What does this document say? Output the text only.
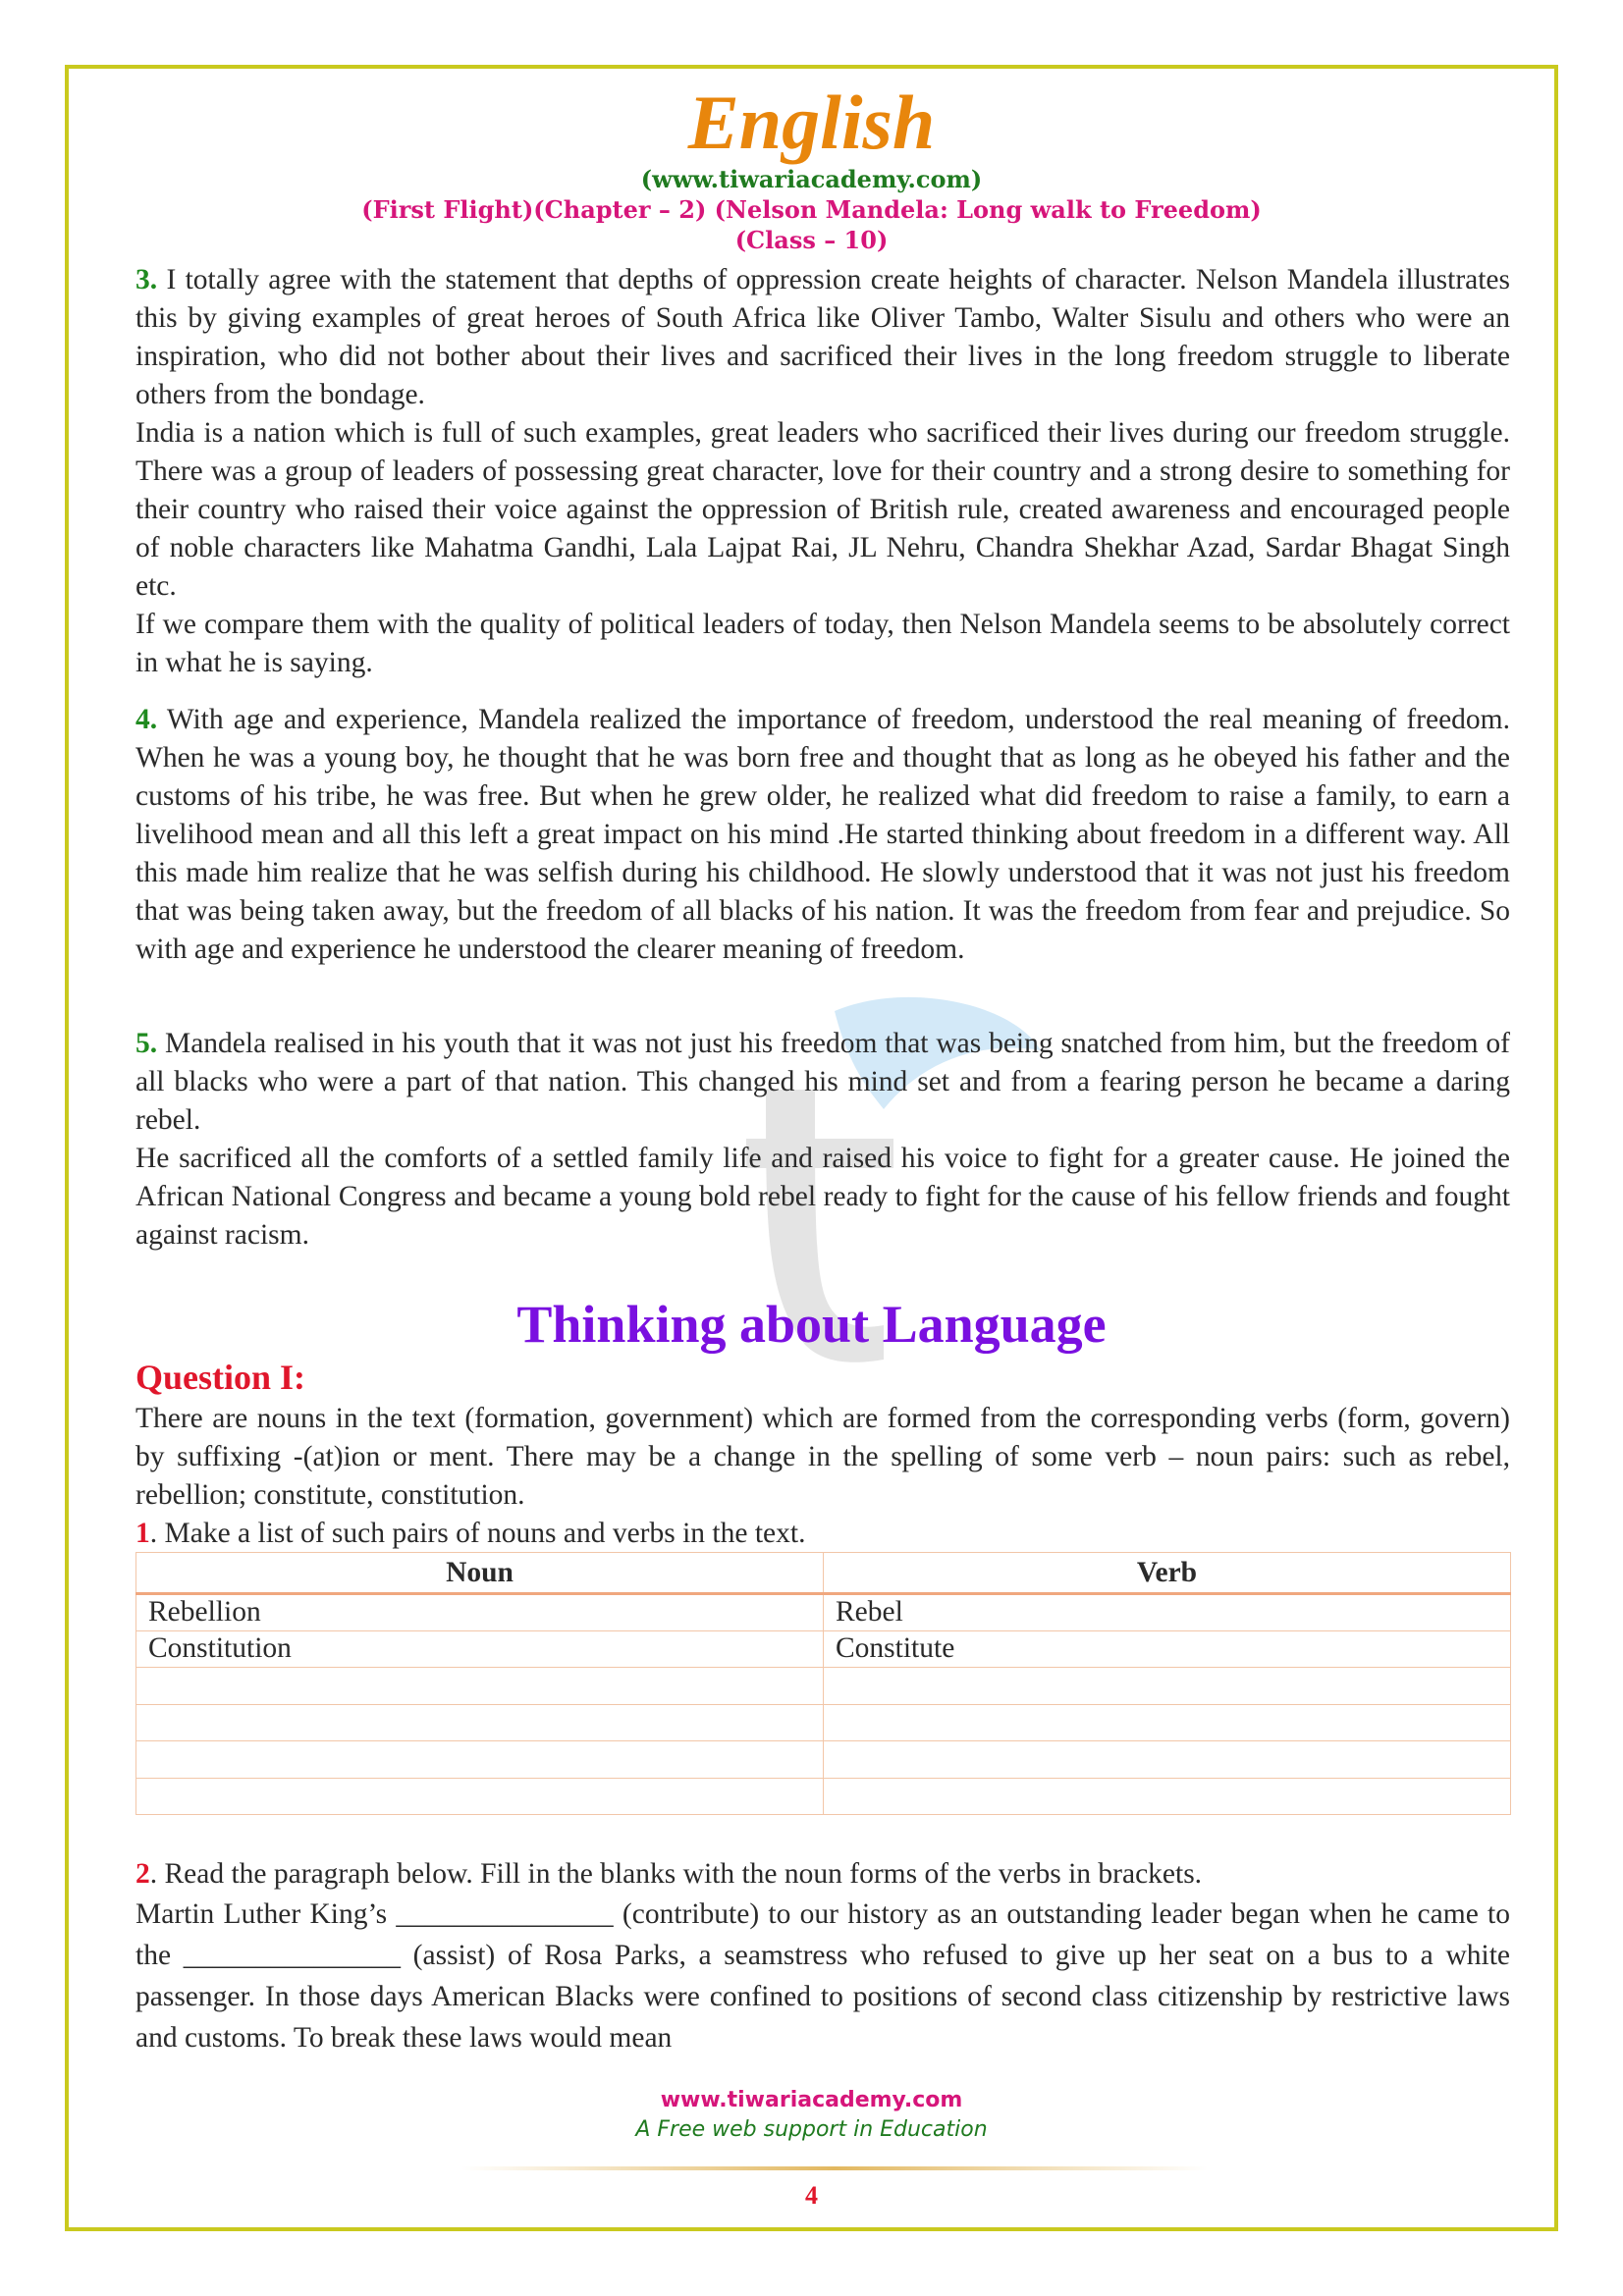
English
(www.tiwariacademy.com)
(First Flight)(Chapter – 2) (Nelson Mandela: Long walk to Freedom)
(Class – 10)

3. I totally agree with the statement that depths of oppression create heights of character. Nelson Mandela illustrates this by giving examples of great heroes of South Africa like Oliver Tambo, Walter Sisulu and others who were an inspiration, who did not bother about their lives and sacrificed their lives in the long freedom struggle to liberate others from the bondage.

India is a nation which is full of such examples, great leaders who sacrificed their lives during our freedom struggle. There was a group of leaders of possessing great character, love for their country and a strong desire to something for their country who raised their voice against the oppression of British rule, created awareness and encouraged people of noble characters like Mahatma Gandhi, Lala Lajpat Rai, JL Nehru, Chandra Shekhar Azad, Sardar Bhagat Singh etc.

If we compare them with the quality of political leaders of today, then Nelson Mandela seems to be absolutely correct in what he is saying.

4. With age and experience, Mandela realized the importance of freedom, understood the real meaning of freedom. When he was a young boy, he thought that he was born free and thought that as long as he obeyed his father and the customs of his tribe, he was free. But when he grew older, he realized what did freedom to raise a family, to earn a livelihood mean and all this left a great impact on his mind .He started thinking about freedom in a different way. All this made him realize that he was selfish during his childhood. He slowly understood that it was not just his freedom that was being taken away, but the freedom of all blacks of his nation. It was the freedom from fear and prejudice. So with age and experience he understood the clearer meaning of freedom.

5. Mandela realised in his youth that it was not just his freedom that was being snatched from him, but the freedom of all blacks who were a part of that nation. This changed his mind set and from a fearing person he became a daring rebel.

He sacrificed all the comforts of a settled family life and raised his voice to fight for a greater cause. He joined the African National Congress and became a young bold rebel ready to fight for the cause of his fellow friends and fought against racism.

Thinking about Language
Question I:

There are nouns in the text (formation, government) which are formed from the corresponding verbs (form, govern) by suffixing -(at)ion or ment. There may be a change in the spelling of some verb – noun pairs: such as rebel, rebellion; constitute, constitution.

1. Make a list of such pairs of nouns and verbs in the text.

Noun	Verb
Rebellion	Rebel
Constitution	Constitute

2. Read the paragraph below. Fill in the blanks with the noun forms of the verbs in brackets.

Martin Luther King’s _______________ (contribute) to our history as an outstanding leader began when he came to the _______________ (assist) of Rosa Parks, a seamstress who refused to give up her seat on a bus to a white passenger. In those days American Blacks were confined to positions of second class citizenship by restrictive laws and customs. To break these laws would mean

www.tiwariacademy.com
A Free web support in Education
4
